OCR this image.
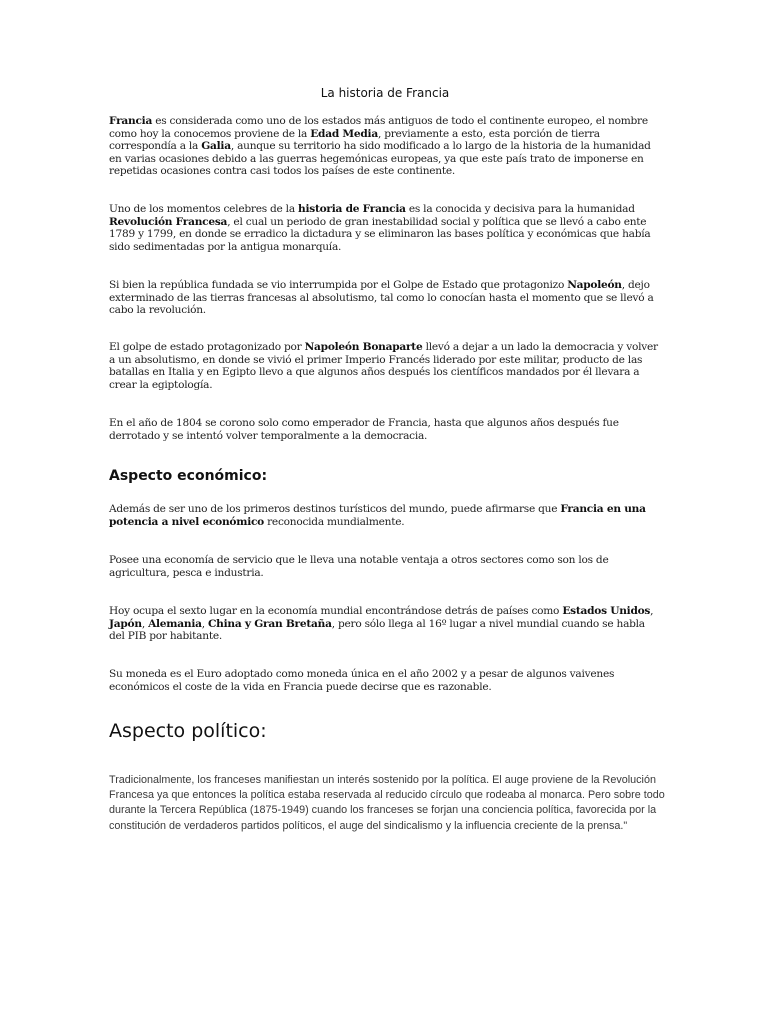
La historia de Francia

Francia es considerada como uno de los estados más antiguos de todo el continente europeo, el nombre como hoy la conocemos proviene de la Edad Media, previamente a esto, esta porción de tierra correspondía a la Galia, aunque su territorio ha sido modificado a lo largo de la historia de la humanidad en varias ocasiones debido a las guerras hegemónicas europeas, ya que este país trato de imponerse en repetidas ocasiones contra casi todos los países de este continente.

Uno de los momentos celebres de la historia de Francia es la conocida y decisiva para la humanidad Revolución Francesa, el cual un periodo de gran inestabilidad social y política que se llevó a cabo ente 1789 y 1799, en donde se erradico la dictadura y se eliminaron las bases política y económicas que había sido sedimentadas por la antigua monarquía.

Si bien la república fundada se vio interrumpida por el Golpe de Estado que protagonizo Napoleón, dejo exterminado de las tierras francesas al absolutismo, tal como lo conocían hasta el momento que se llevó a cabo la revolución.

El golpe de estado protagonizado por Napoleón Bonaparte llevó a dejar a un lado la democracia y volver a un absolutismo, en donde se vivió el primer Imperio Francés liderado por este militar, producto de las batallas en Italia y en Egipto llevo a que algunos años después los científicos mandados por él llevara a crear la egiptología.

En el año de 1804 se corono solo como emperador de Francia, hasta que algunos años después fue derrotado y se intentó volver temporalmente a la democracia.

Aspecto económico:

Además de ser uno de los primeros destinos turísticos del mundo, puede afirmarse que Francia en una potencia a nivel económico reconocida mundialmente.

Posee una economía de servicio que le lleva una notable ventaja a otros sectores como son los de agricultura, pesca e industria.

Hoy ocupa el sexto lugar en la economía mundial encontrándose detrás de países como Estados Unidos, Japón, Alemania, China y Gran Bretaña, pero sólo llega al 16º lugar a nivel mundial cuando se habla del PIB por habitante.

Su moneda es el Euro adoptado como moneda única en el año 2002 y a pesar de algunos vaivenes económicos el coste de la vida en Francia puede decirse que es razonable.

Aspecto político:

Tradicionalmente, los franceses manifiestan un interés sostenido por la política. El auge proviene de la Revolución Francesa ya que entonces la política estaba reservada al reducido círculo que rodeaba al monarca. Pero sobre todo durante la Tercera República (1875-1949) cuando los franceses se forjan una conciencia política, favorecida por la constitución de verdaderos partidos políticos, el auge del sindicalismo y la influencia creciente de la prensa."
